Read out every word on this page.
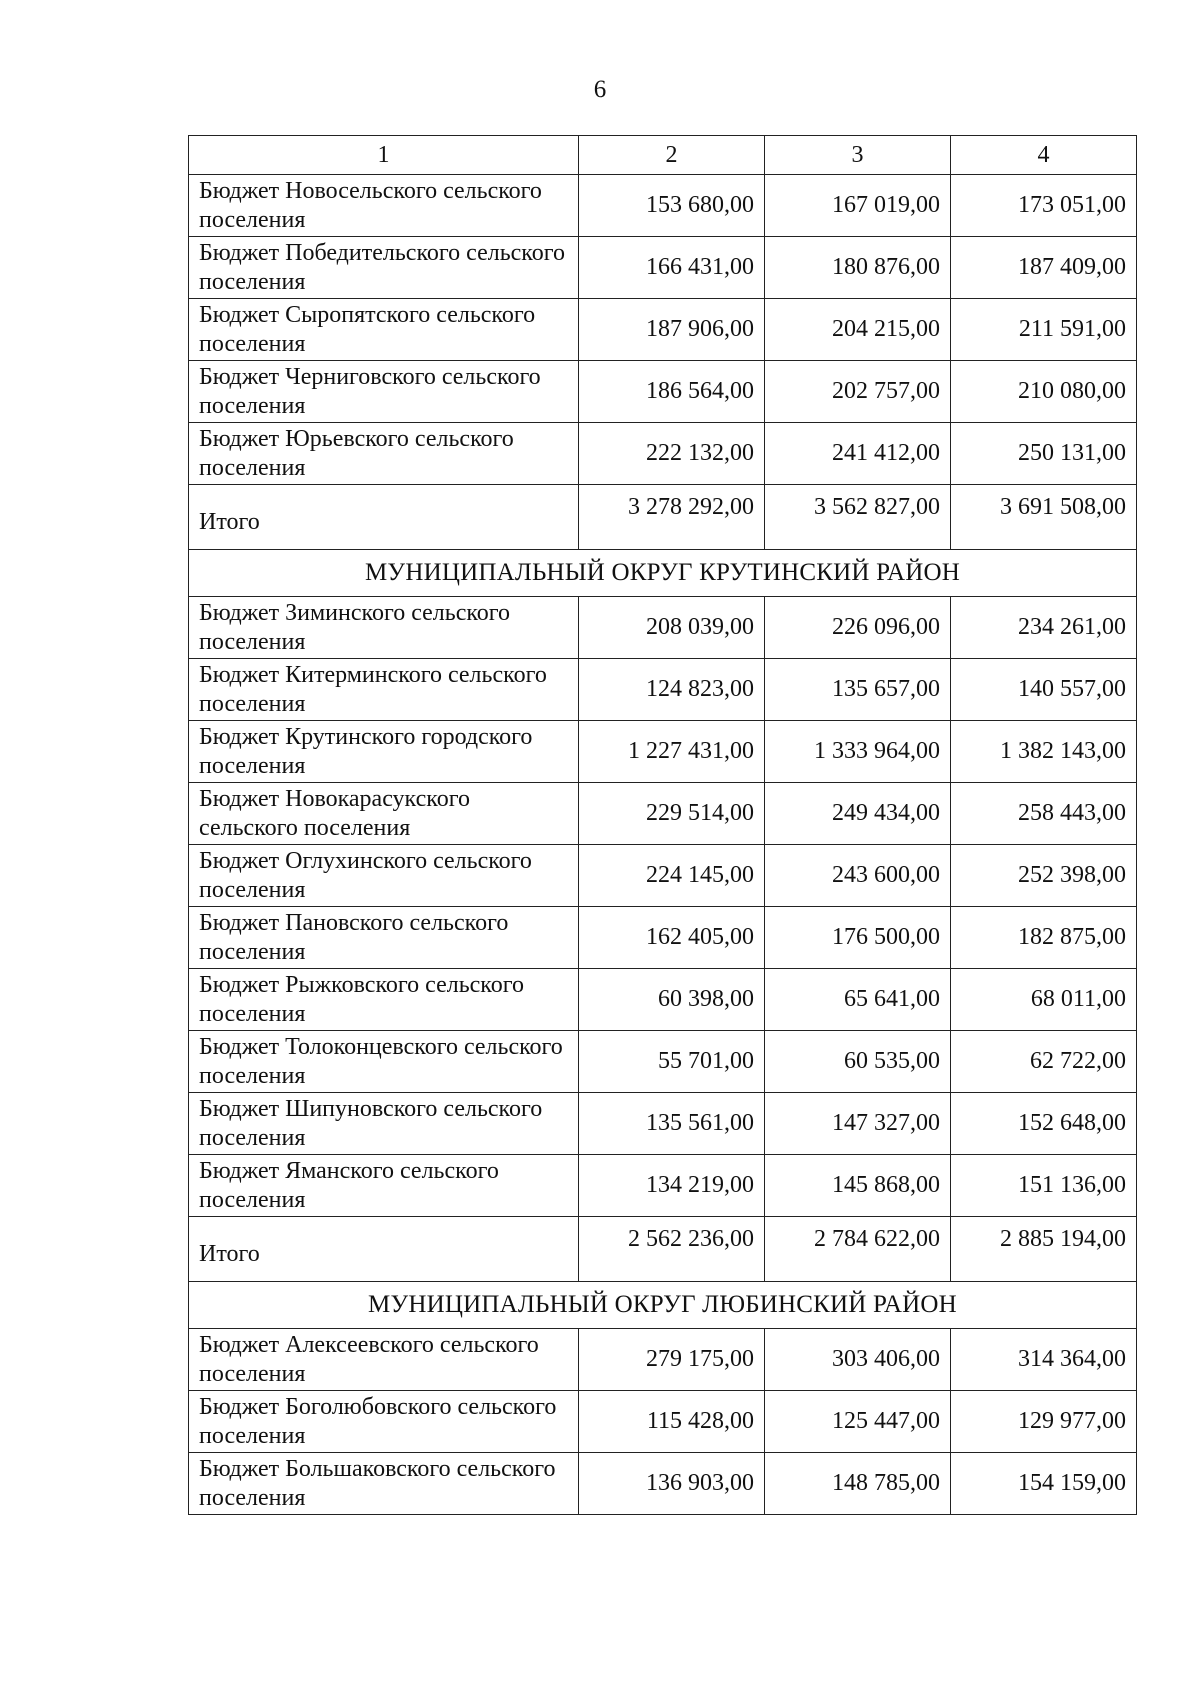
6
1	2	3	4
Бюджет Новосельского сельского поселения	153 680,00	167 019,00	173 051,00
Бюджет Победительского сельского поселения	166 431,00	180 876,00	187 409,00
Бюджет Сыропятского сельского поселения	187 906,00	204 215,00	211 591,00
Бюджет Черниговского сельского поселения	186 564,00	202 757,00	210 080,00
Бюджет Юрьевского сельского поселения	222 132,00	241 412,00	250 131,00
Итого	3 278 292,00	3 562 827,00	3 691 508,00
МУНИЦИПАЛЬНЫЙ ОКРУГ КРУТИНСКИЙ РАЙОН			
Бюджет Зиминского сельского поселения	208 039,00	226 096,00	234 261,00
Бюджет Китерминского сельского поселения	124 823,00	135 657,00	140 557,00
Бюджет Крутинского городского поселения	1 227 431,00	1 333 964,00	1 382 143,00
Бюджет Новокарасукского сельского поселения	229 514,00	249 434,00	258 443,00
Бюджет Оглухинского сельского поселения	224 145,00	243 600,00	252 398,00
Бюджет Пановского сельского поселения	162 405,00	176 500,00	182 875,00
Бюджет Рыжковского сельского поселения	60 398,00	65 641,00	68 011,00
Бюджет Толоконцевского сельского поселения	55 701,00	60 535,00	62 722,00
Бюджет Шипуновского сельского поселения	135 561,00	147 327,00	152 648,00
Бюджет Яманского сельского поселения	134 219,00	145 868,00	151 136,00
Итого	2 562 236,00	2 784 622,00	2 885 194,00
МУНИЦИПАЛЬНЫЙ ОКРУГ ЛЮБИНСКИЙ РАЙОН			
Бюджет Алексеевского сельского поселения	279 175,00	303 406,00	314 364,00
Бюджет Боголюбовского сельского поселения	115 428,00	125 447,00	129 977,00
Бюджет Большаковского сельского поселения	136 903,00	148 785,00	154 159,00
